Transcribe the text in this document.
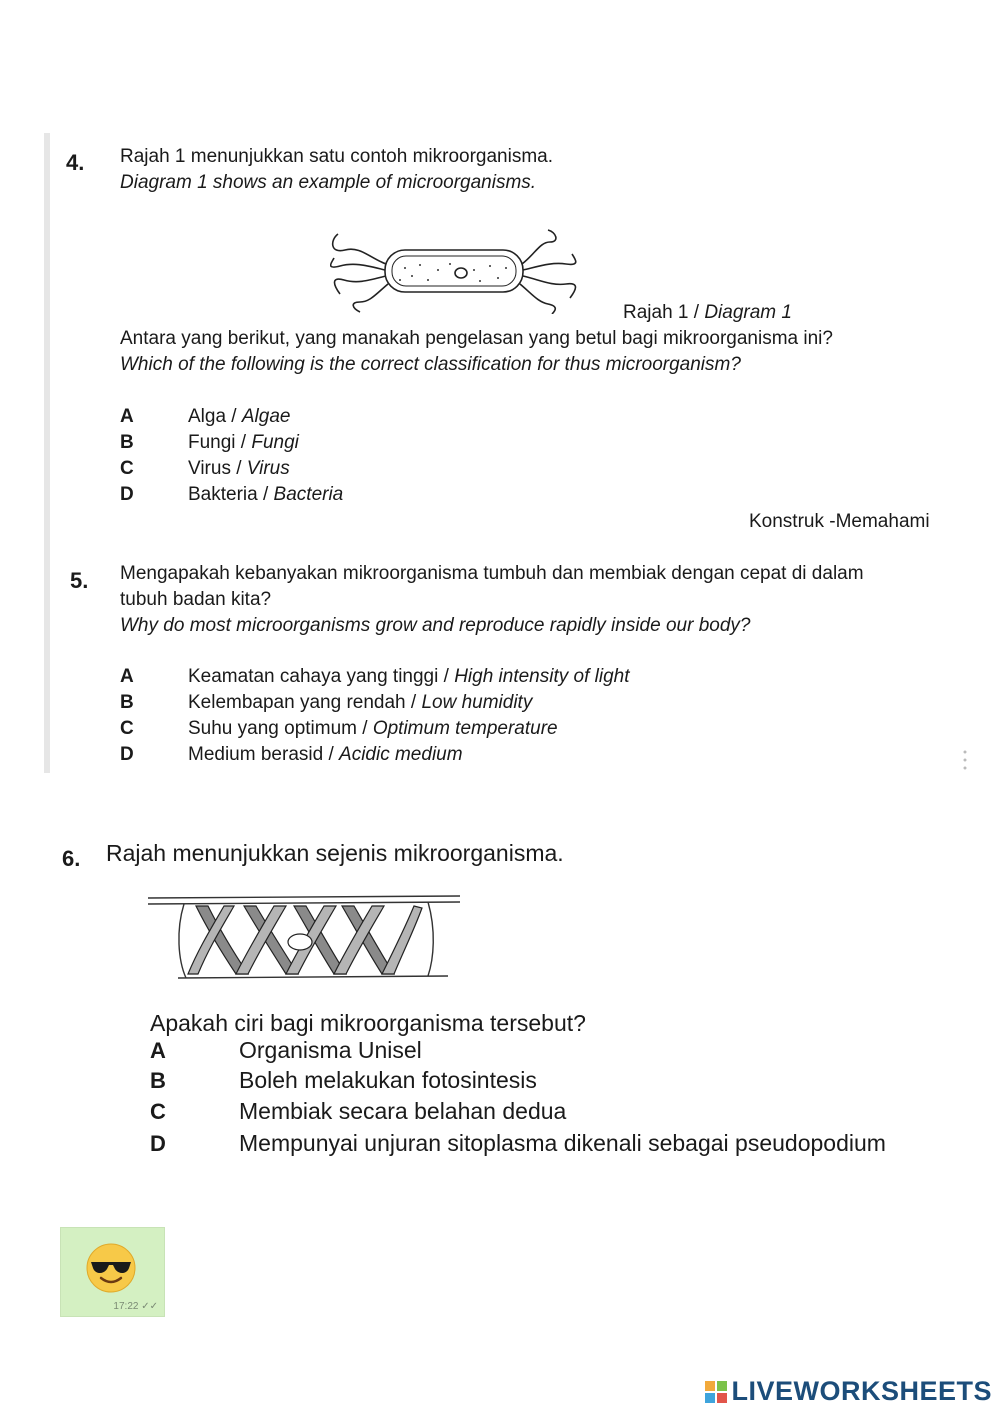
4. Rajah 1 menunjukkan satu contoh mikroorganisma.
Diagram 1 shows an example of microorganisms.
Rajah 1 / Diagram 1
Antara yang berikut, yang manakah pengelasan yang betul bagi mikroorganisma ini?
Which of the following is the correct classification for thus microorganism?
A	Alga / Algae
B	Fungi / Fungi
C	Virus / Virus
D	Bakteria / Bacteria
Konstruk -Memahami
5. Mengapakah kebanyakan mikroorganisma tumbuh dan membiak dengan cepat di dalam
tubuh badan kita?
Why do most microorganisms grow and reproduce rapidly inside our body?
A	Keamatan cahaya yang tinggi / High intensity of light
B	Kelembapan yang rendah / Low humidity
C	Suhu yang optimum / Optimum temperature
D	Medium berasid / Acidic medium
6. Rajah menunjukkan sejenis mikroorganisma.
Apakah ciri bagi mikroorganisma tersebut?
A	Organisma Unisel
B	Boleh melakukan fotosintesis
C	Membiak secara belahan dedua
D	Mempunyai unjuran sitoplasma dikenali sebagai pseudopodium
17:22 ✓✓
LIVEWORKSHEETS
